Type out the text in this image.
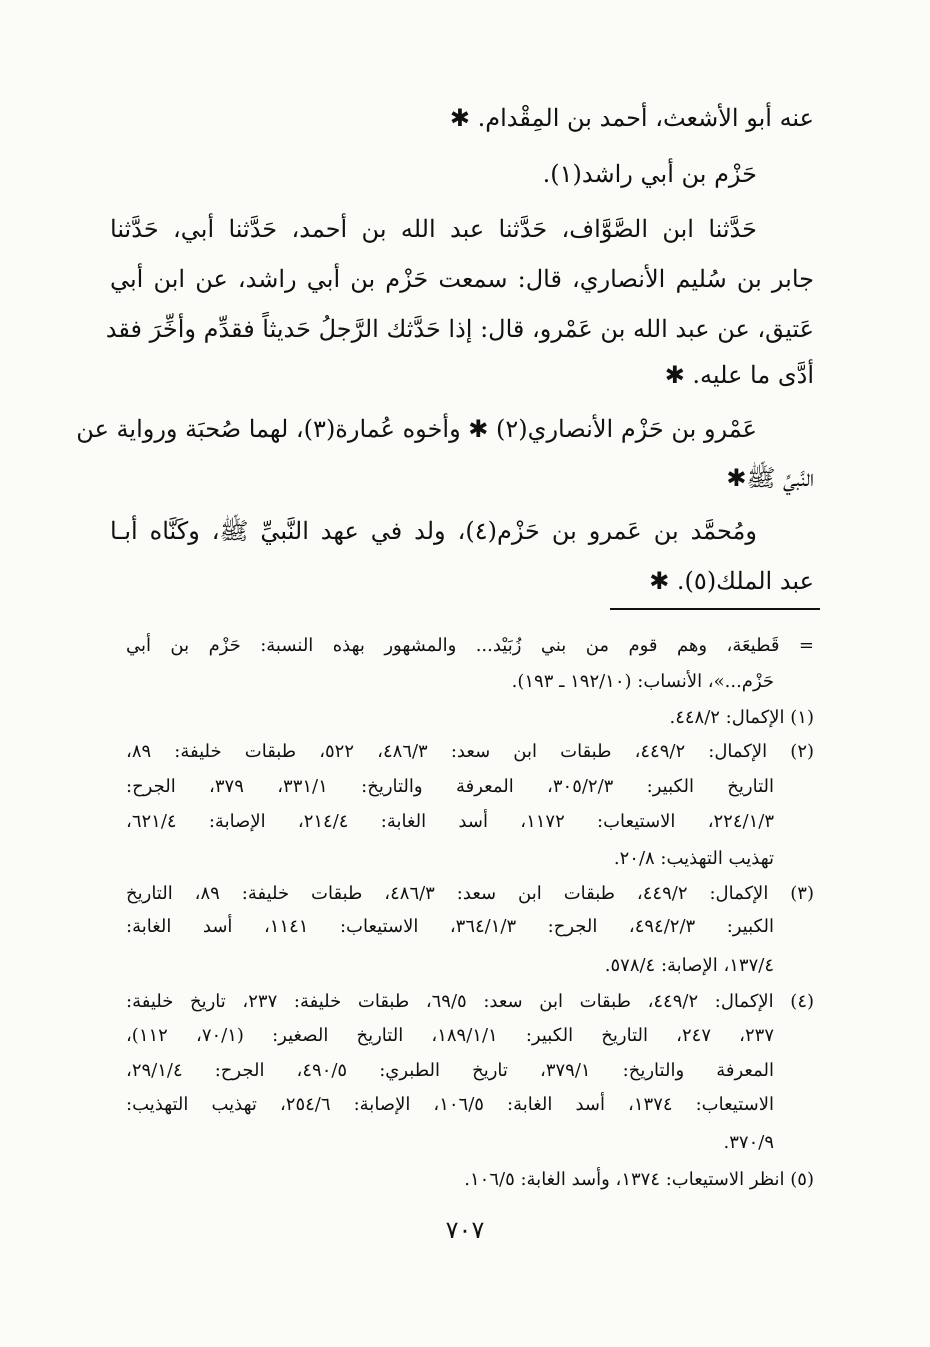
عنه أبو الأشعث، أحمد بن المِقْدام. ✱
حَزْم بن أبي راشد(١).
حَدَّثنا ابن الصَّوَّاف، حَدَّثنا عبد الله بن أحمد، حَدَّثنا أبي، حَدَّثنا
جابر بن سُليم الأنصاري، قال: سمعت حَزْم بن أبي راشد، عن ابن أبي
عَتيق، عن عبد الله بن عَمْرو، قال: إذا حَدَّثك الرَّجلُ حَديثاً فقدِّم وأخِّرَ فقد
أدَّى ما عليه. ✱
عَمْرو بن حَزْم الأنصاري(٢) ✱ وأخوه عُمارة(٣)، لهما صُحبَة ورواية عن
النَّبيِّ ﷺ✱
ومُحمَّد بن عَمرو بن حَزْم(٤)، ولد في عهد النَّبيِّ ﷺ، وكَنَّاه أبـا
عبد الملك(٥). ✱
= قَطيعَة، وهم قوم من بني زُبَيْد... والمشهور بهذه النسبة: حَزْم بن أبي
حَزْم...»، الأنساب: (١٩٢/١٠ ـ ١٩٣).
(١) الإكمال: ٤٤٨/٢.
(٢) الإكمال: ٤٤٩/٢، طبقات ابن سعد: ٤٨٦/٣، ٥٢٢، طبقات خليفة: ٨٩،
التاريخ الكبير: ٣٠٥/٢/٣، المعرفة والتاريخ: ٣٣١/١، ٣٧٩، الجرح:
٢٢٤/١/٣، الاستيعاب: ١١٧٢، أسد الغابة: ٢١٤/٤، الإصابة: ٦٢١/٤،
تهذيب التهذيب: ٢٠/٨.
(٣) الإكمال: ٤٤٩/٢، طبقات ابن سعد: ٤٨٦/٣، طبقات خليفة: ٨٩، التاريخ
الكبير: ٤٩٤/٢/٣، الجرح: ٣٦٤/١/٣، الاستيعاب: ١١٤١، أسد الغابة:
١٣٧/٤، الإصابة: ٥٧٨/٤.
(٤) الإكمال: ٤٤٩/٢، طبقات ابن سعد: ٦٩/٥، طبقات خليفة: ٢٣٧، تاريخ خليفة:
٢٣٧، ٢٤٧، التاريخ الكبير: ١٨٩/١/١، التاريخ الصغير: (٧٠/١، ١١٢)،
المعرفة والتاريخ: ٣٧٩/١، تاريخ الطبري: ٤٩٠/٥، الجرح: ٢٩/١/٤،
الاستيعاب: ١٣٧٤، أسد الغابة: ١٠٦/٥، الإصابة: ٢٥٤/٦، تهذيب التهذيب:
٣٧٠/٩.
(٥) انظر الاستيعاب: ١٣٧٤، وأسد الغابة: ١٠٦/٥.
٧٠٧
